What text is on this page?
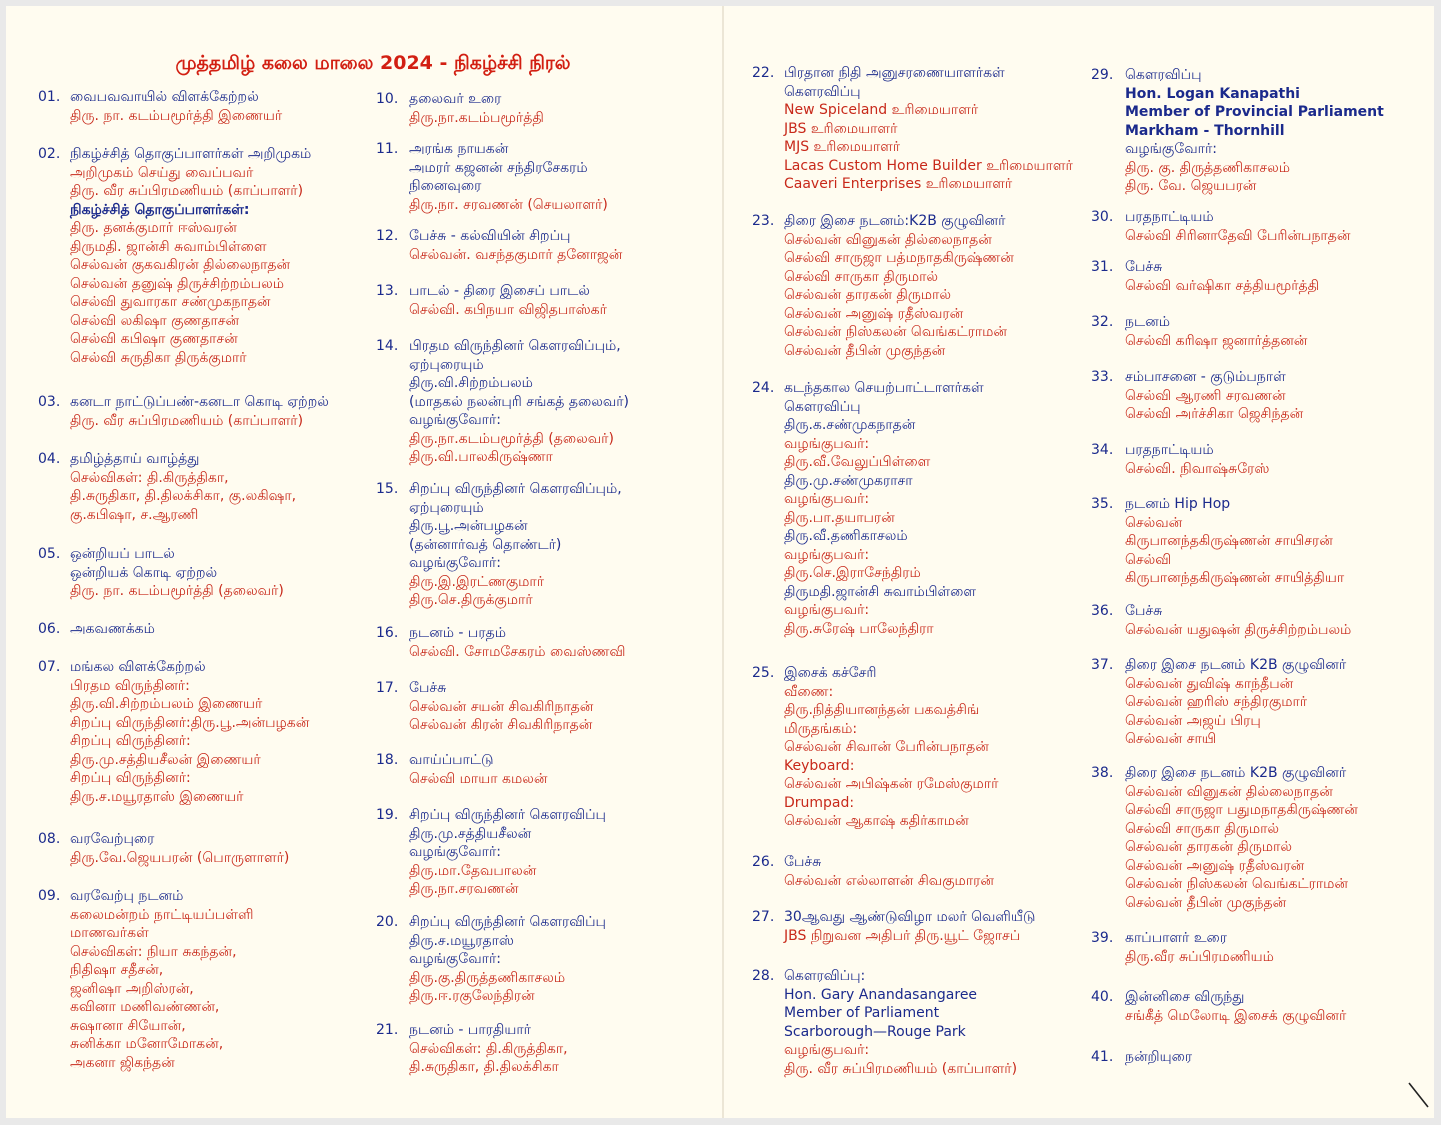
முத்தமிழ் கலை மாலை 2024 - நிகழ்ச்சி நிரல்
01. வைபவவாயில் விளக்கேற்றல்
திரு. நா. கடம்பமூர்த்தி இணையர்
02. நிகழ்ச்சித் தொகுப்பாளர்கள் அறிமுகம்
அறிமுகம் செய்து வைப்பவர்
திரு. வீர சுப்பிரமணியம் (காப்பாளர்)
நிகழ்ச்சித் தொகுப்பாளர்கள்:
திரு. தனக்குமார் ஈஸ்வரன்
திருமதி. ஜான்சி சுவாம்பிள்ளை
செல்வன் குகவகிரன் தில்லைநாதன்
செல்வன் தனுஷ் திருச்சிற்றம்பலம்
செல்வி துவாரகா சண்முகநாதன்
செல்வி லகிஷா குணதாசன்
செல்வி கபிஷா குணதாசன்
செல்வி சுருதிகா திருக்குமார்
03. கனடா நாட்டுப்பண்-கனடா கொடி ஏற்றல்
திரு. வீர சுப்பிரமணியம் (காப்பாளர்)
04. தமிழ்த்தாய் வாழ்த்து
செல்விகள்: தி.கிருத்திகா,
தி.சுருதிகா, தி.திலக்சிகா, கு.லகிஷா,
கு.கபிஷா, ச.ஆரணி
05. ஒன்றியப் பாடல்
ஒன்றியக் கொடி ஏற்றல்
திரு. நா. கடம்பமூர்த்தி (தலைவர்)
06. அகவணக்கம்
07. மங்கல விளக்கேற்றல்
பிரதம விருந்தினர்:
திரு.வி.சிற்றம்பலம் இணையர்
சிறப்பு விருந்தினர்:திரு.பூ.அன்பழகன்
சிறப்பு விருந்தினர்:
திரு.மு.சத்தியசீலன் இணையர்
சிறப்பு விருந்தினர்:
திரு.ச.மயூரதாஸ் இணையர்
08. வரவேற்புரை
திரு.வே.ஜெயபரன் (பொருளாளர்)
09. வரவேற்பு நடனம்
கலைமன்றம் நாட்டியப்பள்ளி
மாணவர்கள்
செல்விகள்: நியா சுகந்தன்,
நிதிஷா சதீசன்,
ஜனிஷா அறிஸ்ரன்,
கவினா மணிவண்ணன்,
சுஷானா சியோன்,
சுனிக்கா மனோமோகன்,
அகனா ஜிகந்தன்
10. தலைவர் உரை
திரு.நா.கடம்பமூர்த்தி
11. அரங்க நாயகன்
அமரர் கஜனன் சந்திரசேகரம்
நினைவுரை
திரு.நா. சரவணன் (செயலாளர்)
12. பேச்சு - கல்வியின் சிறப்பு
செல்வன். வசந்தகுமார் தனோஜன்
13. பாடல் - திரை இசைப் பாடல்
செல்வி. கபிநயா விஜிதபாஸ்கர்
14. பிரதம விருந்தினர் கௌரவிப்பும்,
ஏற்புரையும்
திரு.வி.சிற்றம்பலம்
(மாதகல் நலன்புரி சங்கத் தலைவர்)
வழங்குவோர்:
திரு.நா.கடம்பமூர்த்தி (தலைவர்)
திரு.வி.பாலகிருஷ்ணா
15. சிறப்பு விருந்தினர் கௌரவிப்பும்,
ஏற்புரையும்
திரு.பூ.அன்பழகன்
(தன்னார்வத் தொண்டர்)
வழங்குவோர்:
திரு.இ.இரட்ணகுமார்
திரு.செ.திருக்குமார்
16. நடனம் - பரதம்
செல்வி. சோமசேகரம் வைஸ்ணவி
17. பேச்சு
செல்வன் சயன் சிவகிரிநாதன்
செல்வன் கிரன் சிவகிரிநாதன்
18. வாய்ப்பாட்டு
செல்வி மாயா கமலன்
19. சிறப்பு விருந்தினர் கௌரவிப்பு
திரு.மு.சத்தியசீலன்
வழங்குவோர்:
திரு.மா.தேவபாலன்
திரு.நா.சரவணன்
20. சிறப்பு விருந்தினர் கௌரவிப்பு
திரு.ச.மயூரதாஸ்
வழங்குவோர்:
திரு.கு.திருத்தணிகாசலம்
திரு.ஈ.ரகுலேந்திரன்
21. நடனம் - பாரதியார்
செல்விகள்: தி.கிருத்திகா,
தி.சுருதிகா, தி.திலக்சிகா
22. பிரதான நிதி அனுசரணையாளர்கள்
கௌரவிப்பு
New Spiceland உரிமையாளர்
JBS உரிமையாளர்
MJS உரிமையாளர்
Lacas Custom Home Builder உரிமையாளர்
Caaveri Enterprises உரிமையாளர்
23. திரை இசை நடனம்:K2B குழுவினர்
செல்வன் வினுகன் தில்லைநாதன்
செல்வி சாருஜா பத்மநாதகிருஷ்ணன்
செல்வி சாருகா திருமால்
செல்வன் தாரகன் திருமால்
செல்வன் அனுஷ் ரதீஸ்வரன்
செல்வன் நிஸ்கலன் வெங்கட்ராமன்
செல்வன் தீபின் முகுந்தன்
24. கடந்தகால செயற்பாட்டாளர்கள்
கௌரவிப்பு
திரு.க.சண்முகநாதன்
வழங்குபவர்:
திரு.வீ.வேலுப்பிள்ளை
திரு.மு.சண்முகராசா
வழங்குபவர்:
திரு.பா.தயாபரன்
திரு.வீ.தணிகாசலம்
வழங்குபவர்:
திரு.செ.இராசேந்திரம்
திருமதி.ஜான்சி சுவாம்பிள்ளை
வழங்குபவர்:
திரு.சுரேஷ் பாலேந்திரா
25. இசைக் கச்சேரி
வீணை:
திரு.நித்தியானந்தன் பகவத்சிங்
மிருதங்கம்:
செல்வன் சிவான் பேரின்பநாதன்
Keyboard:
செல்வன் அபிஷ்கன் ரமேஸ்குமார்
Drumpad:
செல்வன் ஆகாஷ் கதிர்காமன்
26. பேச்சு
செல்வன் எல்லாளன் சிவகுமாரன்
27. 30ஆவது ஆண்டுவிழா மலர் வெளியீடு
JBS நிறுவன அதிபர் திரு.யூட் ஜோசப்
28. கௌரவிப்பு:
Hon. Gary Anandasangaree
Member of Parliament
Scarborough—Rouge Park
வழங்குபவர்:
திரு. வீர சுப்பிரமணியம் (காப்பாளர்)
29. கௌரவிப்பு
Hon. Logan Kanapathi
Member of Provincial Parliament
Markham - Thornhill
வழங்குவோர்:
திரு. கு. திருத்தணிகாசலம்
திரு. வே. ஜெயபரன்
30. பரதநாட்டியம்
செல்வி சிரினாதேவி பேரின்பநாதன்
31. பேச்சு
செல்வி வர்ஷிகா சத்தியமூர்த்தி
32. நடனம்
செல்வி கரிஷா ஜனார்த்தனன்
33. சம்பாசனை - குடும்பநாள்
செல்வி ஆரணி சரவணன்
செல்வி அர்ச்சிகா ஜெசிந்தன்
34. பரதநாட்டியம்
செல்வி. நிவாஷ்சுரேஸ்
35. நடனம் Hip Hop
செல்வன்
கிருபானந்தகிருஷ்ணன் சாயிசரன்
செல்வி
கிருபானந்தகிருஷ்ணன் சாயித்தியா
36. பேச்சு
செல்வன் யதுஷன் திருச்சிற்றம்பலம்
37. திரை இசை நடனம் K2B குழுவினர்
செல்வன் துவிஷ் காந்தீபன்
செல்வன் ஹரிஸ் சந்திரகுமார்
செல்வன் அஜய் பிரபு
செல்வன் சாயி
38. திரை இசை நடனம் K2B குழுவினர்
செல்வன் வினுகன் தில்லைநாதன்
செல்வி சாருஜா பதுமநாதகிருஷ்ணன்
செல்வி சாருகா திருமால்
செல்வன் தாரகன் திருமால்
செல்வன் அனுஷ் ரதீஸ்வரன்
செல்வன் நிஸ்கலன் வெங்கட்ராமன்
செல்வன் தீபின் முகுந்தன்
39. காப்பாளர் உரை
திரு.வீர சுப்பிரமணியம்
40. இன்னிசை விருந்து
சங்கீத் மெலோடி இசைக் குழுவினர்
41. நன்றியுரை
